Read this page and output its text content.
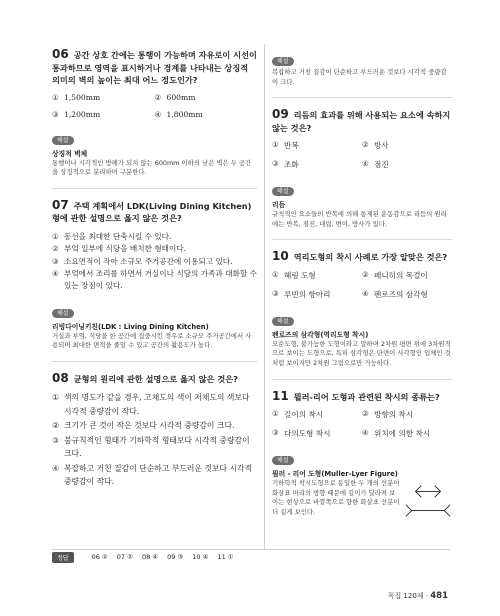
06 공간 상호 간에는 통행이 가능하며 자유로이 시선이 통과하므로 영역을 표시하거나 경계를 나타내는 상징적 의미의 벽의 높이는 최대 어느 정도인가?

① 1,500mm	② 600mm
③ 1,200mm	④ 1,800mm
해설

상징적 벽체

통행이나 시각적인 방해가 되지 않는 600mm 이하의 낮은 벽은 두 공간을 상징적으로 분리하며 구분한다.

07 주택 계획에서 LDK(Living Dining Kitchen)형에 관한 설명으로 옳지 않은 것은?

① 동선을 최대한 단축시킬 수 있다.
② 부엌 일부에 식당을 배치한 형태이다.
③ 소요면적이 작아 소규모 주거공간에 이용되고 있다.
④ 부엌에서 조리를 하면서 거실이나 식당의 가족과 대화할 수 있는 장점이 있다.
해설

리빙다이닝키친(LDK : Living Dining Kitchen)

거실과 부엌, 식당을 한 공간에 집중시킨 경우로 소규모 주거공간에서 사용되며 최대한 면적을 줄일 수 있고 공간의 활용도가 높다.

08 균형의 원리에 관한 설명으로 옳지 않은 것은?

① 색의 명도가 같을 경우, 고채도의 색이 저채도의 색보다 시각적 중량감이 작다.
② 크기가 큰 것이 작은 것보다 시각적 중량감이 크다.
③ 불규칙적인 형태가 기하학적 형태보다 시각적 중량감이 크다.
④ 복잡하고 거친 질감이 단순하고 부드러운 것보다 시각적 중량감이 작다.
해설

복잡하고 거친 질감이 단순하고 부드러운 것보다 시각적 중량감이 크다.

09 리듬의 효과를 위해 사용되는 요소에 속하지 않는 것은?

① 반복	② 방사
③ 조화	④ 점진
해설

리듬

규칙적인 요소들의 반복에 의해 통제된 운동감으로 리듬의 원리에는 반복, 점진, 대립, 변이, 방사가 있다.

10 역리도형의 착시 사례로 가장 알맞은 것은?

① 헤링 도형	② 페니히의 목걸이
③ 루빈의 항아리	④ 펜로즈의 삼각형
해설

펜로즈의 삼각형(역리도형 착시)

모순도형, 불가능한 도형이라고 말하며 2차원 평면 위에 3차원적으로 보이는 도형으로, 특히 삼각형은 단면이 사각형인 입체인 것처럼 보이지만 2차원 그림으로만 가능하다.

11 뮐러-리어 도형과 관련된 착시의 종류는?

① 길이의 착시	② 방향의 착시
③ 다의도형 착시	④ 위치에 의한 착시
해설

뮐러 - 리어 도형(Muller-Lyer Figure)

기하학적 착시도형으로 동일한 두 개의 선분이 화살표 머리의 방향 때문에 길이가 달라져 보이는 현상으로 바깥쪽으로 향한 화살표 선분이 더 길게 보인다.

정답	06 ② 07 ② 08 ④ 09 ③ 10 ④ 11 ①
꼭집 120제 · 481
